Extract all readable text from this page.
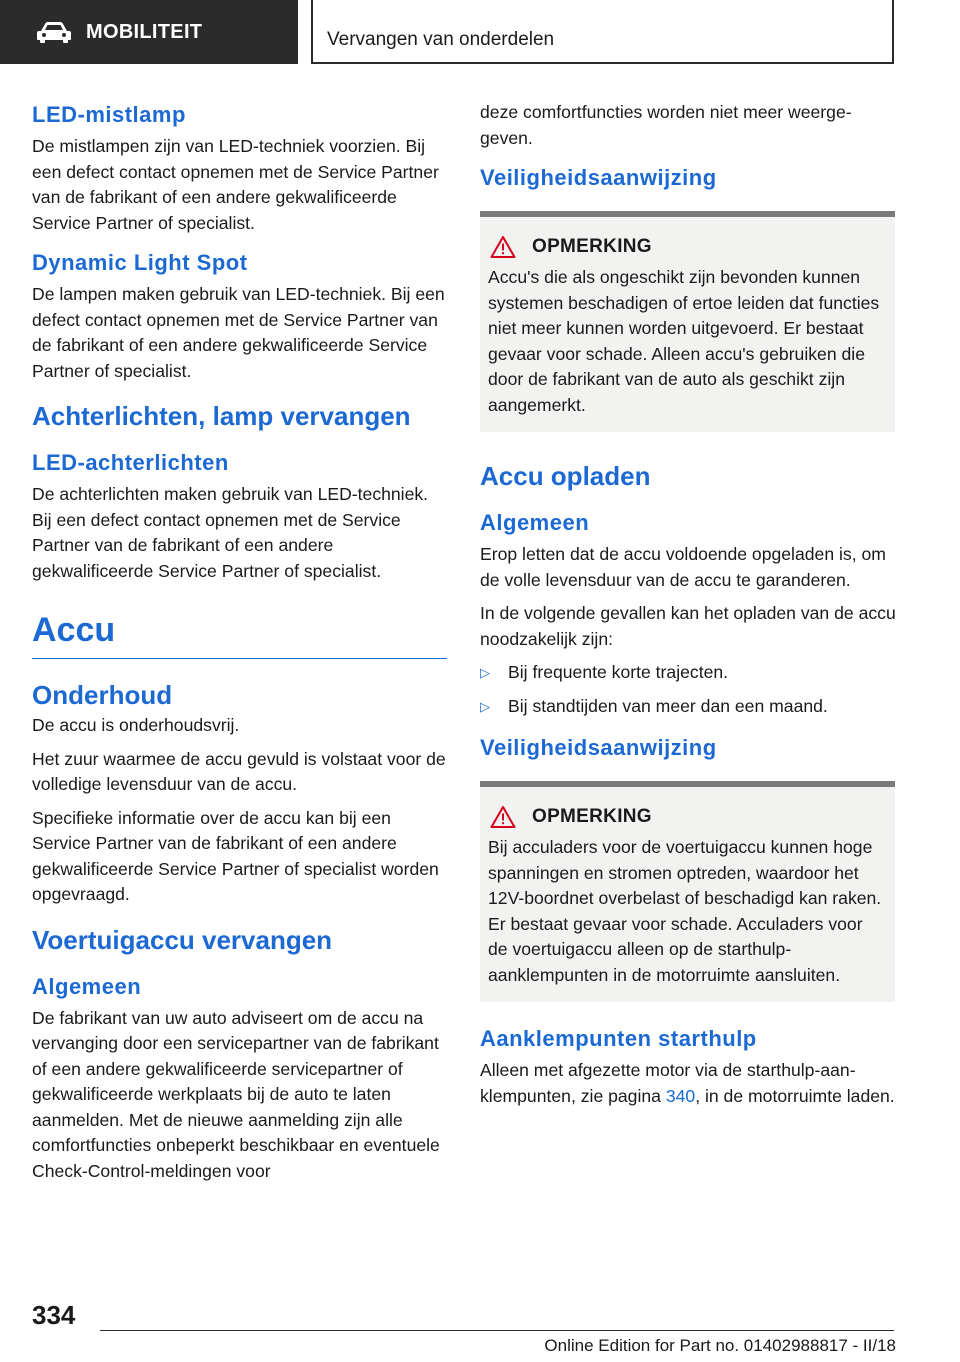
MOBILITEIT	Vervangen van onderdelen
LED-mistlamp

De mistlampen zijn van LED-techniek voorzien. Bij een defect contact opnemen met de Service Partner van de fabrikant of een andere gekwalificeerde Service Partner of specialist.

Dynamic Light Spot

De lampen maken gebruik van LED-techniek. Bij een defect contact opnemen met de Service Partner van de fabrikant of een andere gekwalificeerde Service Partner of specialist.

Achterlichten, lamp vervangen
LED-achterlichten

De achterlichten maken gebruik van LED-techniek. Bij een defect contact opnemen met de Service Partner van de fabrikant of een andere gekwalificeerde Service Partner of specialist.

Accu
Onderhoud

De accu is onderhoudsvrij.

Het zuur waarmee de accu gevuld is volstaat voor de volledige levensduur van de accu.

Specifieke informatie over de accu kan bij een Service Partner van de fabrikant of een andere gekwalificeerde Service Partner of specialist worden opgevraagd.

Voertuigaccu vervangen
Algemeen

De fabrikant van uw auto adviseert om de accu na vervanging door een servicepartner van de fabrikant of een andere gekwalificeerde servicepartner of gekwalificeerde werkplaats bij de auto te laten aanmelden. Met de nieuwe aanmelding zijn alle comfortfuncties onbeperkt beschikbaar en eventuele Check-Control-meldingen voor

deze comfortfuncties worden niet meer weergegeven.

Veiligheidsaanwijzing
OPMERKING

Accu's die als ongeschikt zijn bevonden kunnen systemen beschadigen of ertoe leiden dat functies niet meer kunnen worden uitgevoerd. Er bestaat gevaar voor schade. Alleen accu's gebruiken die door de fabrikant van de auto als geschikt zijn aangemerkt.

Accu opladen
Algemeen

Erop letten dat de accu voldoende opgeladen is, om de volle levensduur van de accu te garanderen.

In de volgende gevallen kan het opladen van de accu noodzakelijk zijn:

▷	Bij frequente korte trajecten.
▷	Bij standtijden van meer dan een maand.
Veiligheidsaanwijzing
OPMERKING

Bij acculaders voor de voertuigaccu kunnen hoge spanningen en stromen optreden, waardoor het 12V-boordnet overbelast of beschadigd kan raken. Er bestaat gevaar voor schade. Acculaders voor de voertuigaccu alleen op de starthulp-aanklempunten in de motorruimte aansluiten.

Aanklempunten starthulp

Alleen met afgezette motor via de starthulp-aanklempunten, zie pagina 340, in de motorruimte laden.

334
Online Edition for Part no. 01402988817 - II/18
